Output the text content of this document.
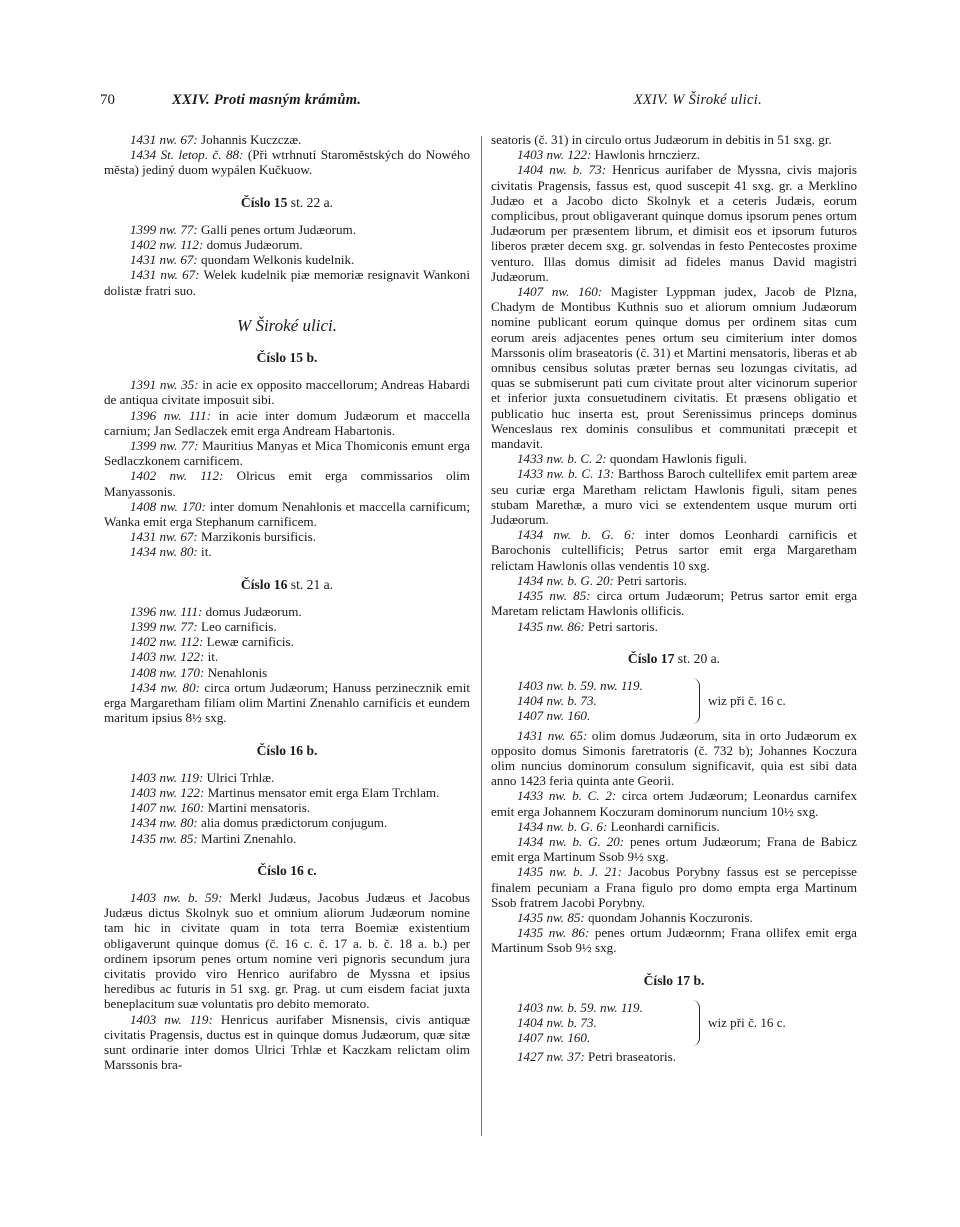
70	XXIV. Proti masným krámům.	XXIV. W Široké ulici.

1431 nw. 67: Johannis Kuczczæ.

1434 St. letop. č. 88: (Při wtrhnutí Staroměstských do Nowého města) jediný duom wypálen Kučkuow.

Číslo 15 st. 22 a.

1399 nw. 77: Galli penes ortum Judæorum.

1402 nw. 112: domus Judæorum.

1431 nw. 67: quondam Welkonis kudelnik.

1431 nw. 67: Welek kudelnik piæ memoriæ resignavit Wankoni dolistæ fratri suo.

W Široké ulici.
Číslo 15 b.

1391 nw. 35: in acie ex opposito maccellorum; Andreas Habardi de antiqua civitate imposuit sibi.

1396 nw. 111: in acie inter domum Judæorum et maccella carnium; Jan Sedlaczek emit erga Andream Habartonis.

1399 nw. 77: Mauritius Manyas et Mica Thomiconis emunt erga Sedlaczkonem carnificem.

1402 nw. 112: Olricus emit erga commissarios olim Manyassonis.

1408 nw. 170: inter domum Nenahlonis et maccella carnificum; Wanka emit erga Stephanum carnificem.

1431 nw. 67: Marzikonis bursificis.

1434 nw. 80: it.

Číslo 16 st. 21 a.

1396 nw. 111: domus Judæorum.

1399 nw. 77: Leo carnificis.

1402 nw. 112: Lewæ carnificis.

1403 nw. 122: it.

1408 nw. 170: Nenahlonis

1434 nw. 80: circa ortum Judæorum; Hanuss perzinecznik emit erga Margaretham filiam olim Martini Znenahlo carnificis et eundem maritum ipsius 8½ sxg.

Číslo 16 b.

1403 nw. 119: Ulrici Trhlæ.

1403 nw. 122: Martinus mensator emit erga Elam Trchlam.

1407 nw. 160: Martini mensatoris.

1434 nw. 80: alia domus prædictorum conjugum.

1435 nw. 85: Martini Znenahlo.

Číslo 16 c.

1403 nw. b. 59: Merkl Judæus, Jacobus Judæus et Jacobus Judæus dictus Skolnyk suo et omnium aliorum Judæorum nomine tam hic in civitate quam in tota terra Boemiæ existentium obligaverunt quinque domus (č. 16 c. č. 17 a. b. č. 18 a. b.) per ordinem ipsorum penes ortum nomine veri pignoris secundum jura civitatis provido viro Henrico aurifabro de Myssna et ipsius heredibus ac futuris in 51 sxg. gr. Prag. ut cum eisdem faciat juxta beneplacitum suæ voluntatis pro debito memorato.

1403 nw. 119: Henricus aurifaber Misnensis, civis antiquæ civitatis Pragensis, ductus est in quinque domus Judæorum, quæ sitæ sunt ordinarie inter domos Ulrici Trhlæ et Kaczkam relictam olim Marssonis bra-

seatoris (č. 31) in circulo ortus Judæorum in debitis in 51 sxg. gr.

1403 nw. 122: Hawlonis hrnczierz.

1404 nw. b. 73: Henricus aurifaber de Myssna, civis majoris civitatis Pragensis, fassus est, quod suscepit 41 sxg. gr. a Merklino Judæo et a Jacobo dicto Skolnyk et a ceteris Judæis, eorum complicibus, prout obligaverant quinque domus ipsorum penes ortum Judæorum per præsentem librum, et dimisit eos et ipsorum futuros liberos præter decem sxg. gr. solvendas in festo Pentecostes proxime venturo. Illas domus dimisit ad fideles manus David magistri Judæorum.

1407 nw. 160: Magister Lyppman judex, Jacob de Plzna, Chadym de Montibus Kuthnis suo et aliorum omnium Judæorum nomine publicant eorum quinque domus per ordinem sitas cum eorum areis adjacentes penes ortum seu cimiterium inter domos Marssonis olim braseatoris (č. 31) et Martini mensatoris, liberas et ab omnibus censibus solutas præter bernas seu lozungas civitatis, ad quas se submiserunt pati cum civitate prout alter vicinorum superior et inferior juxta consuetudinem civitatis. Et præsens obligatio et publicatio huc inserta est, prout Serenissimus princeps dominus Wenceslaus rex dominis consulibus et communitati præcepit et mandavit.

1433 nw. b. C. 2: quondam Hawlonis figuli.

1433 nw. b. C. 13: Barthoss Baroch cultellifex emit partem areæ seu curiæ erga Maretham relictam Hawlonis figuli, sitam penes stubam Marethæ, a muro vici se extendentem usque murum orti Judæorum.

1434 nw. b. G. 6: inter domos Leonhardi carnificis et Barochonis cultellificis; Petrus sartor emit erga Margaretham relictam Hawlonis ollas vendentis 10 sxg.

1434 nw. b. G. 20: Petri sartoris.

1435 nw. 85: circa ortum Judæorum; Petrus sartor emit erga Maretam relictam Hawlonis ollificis.

1435 nw. 86: Petri sartoris.

Číslo 17 st. 20 a.
1403 nw. b. 59. nw. 119.
1404 nw. b. 73.
1407 nw. 160.
wiz při č. 16 c.

1431 nw. 65: olim domus Judæorum, sita in orto Judæorum ex opposito domus Simonis faretratoris (č. 732 b); Johannes Koczura olim nuncius dominorum consulum significavit, quia est sibi data anno 1423 feria quinta ante Georii.

1433 nw. b. C. 2: circa ortem Judæorum; Leonardus carnifex emit erga Johannem Koczuram dominorum nuncium 10½ sxg.

1434 nw. b. G. 6: Leonhardi carnificis.

1434 nw. b. G. 20: penes ortum Judæorum; Frana de Babicz emit erga Martinum Ssob 9½ sxg.

1435 nw. b. J. 21: Jacobus Porybny fassus est se percepisse finalem pecuniam a Frana figulo pro domo empta erga Martinum Ssob fratrem Jacobi Porybny.

1435 nw. 85: quondam Johannis Koczuronis.

1435 nw. 86: penes ortum Judæornm; Frana ollifex emit erga Martinum Ssob 9½ sxg.

Číslo 17 b.
1403 nw. b. 59. nw. 119.
1404 nw. b. 73.
1407 nw. 160.
wiz při č. 16 c.

1427 nw. 37: Petri braseatoris.
